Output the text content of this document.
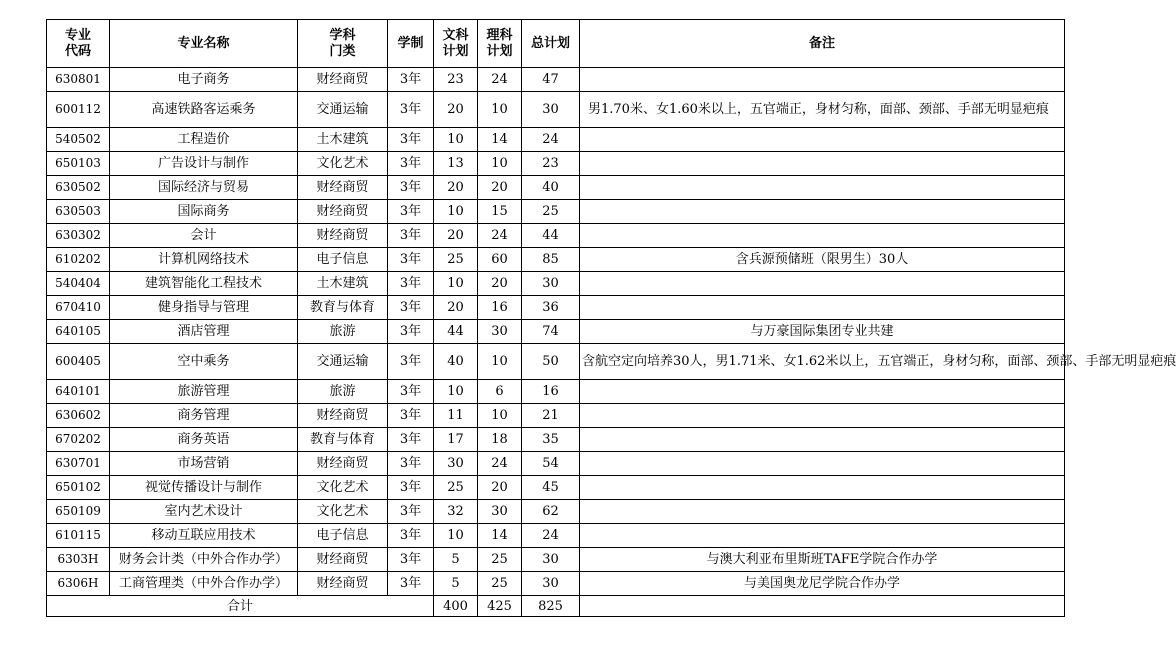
专业代码	专业名称	学科门类	学制	文科计划	理科计划	总计划	备注
630801	电子商务	财经商贸	3年	23	24	47	
600112	高速铁路客运乘务	交通运输	3年	20	10	30	男1.70米、女1.60米以上，五官端正，身材匀称，面部、颈部、手部无明显疤痕
540502	工程造价	土木建筑	3年	10	14	24	
650103	广告设计与制作	文化艺术	3年	13	10	23	
630502	国际经济与贸易	财经商贸	3年	20	20	40	
630503	国际商务	财经商贸	3年	10	15	25	
630302	会计	财经商贸	3年	20	24	44	
610202	计算机网络技术	电子信息	3年	25	60	85	含兵源预储班（限男生）30人
540404	建筑智能化工程技术	土木建筑	3年	10	20	30	
670410	健身指导与管理	教育与体育	3年	20	16	36	
640105	酒店管理	旅游	3年	44	30	74	与万豪国际集团专业共建
600405	空中乘务	交通运输	3年	40	10	50	含航空定向培养30人，男1.71米、女1.62米以上，五官端正，身材匀称，面部、颈部、手部无明显疤痕
640101	旅游管理	旅游	3年	10	6	16	
630602	商务管理	财经商贸	3年	11	10	21	
670202	商务英语	教育与体育	3年	17	18	35	
630701	市场营销	财经商贸	3年	30	24	54	
650102	视觉传播设计与制作	文化艺术	3年	25	20	45	
650109	室内艺术设计	文化艺术	3年	32	30	62	
610115	移动互联应用技术	电子信息	3年	10	14	24	
6303H	财务会计类（中外合作办学）	财经商贸	3年	5	25	30	与澳大利亚布里斯班TAFE学院合作办学
6306H	工商管理类（中外合作办学）	财经商贸	3年	5	25	30	与美国奥龙尼学院合作办学
合计				400	425	825	
